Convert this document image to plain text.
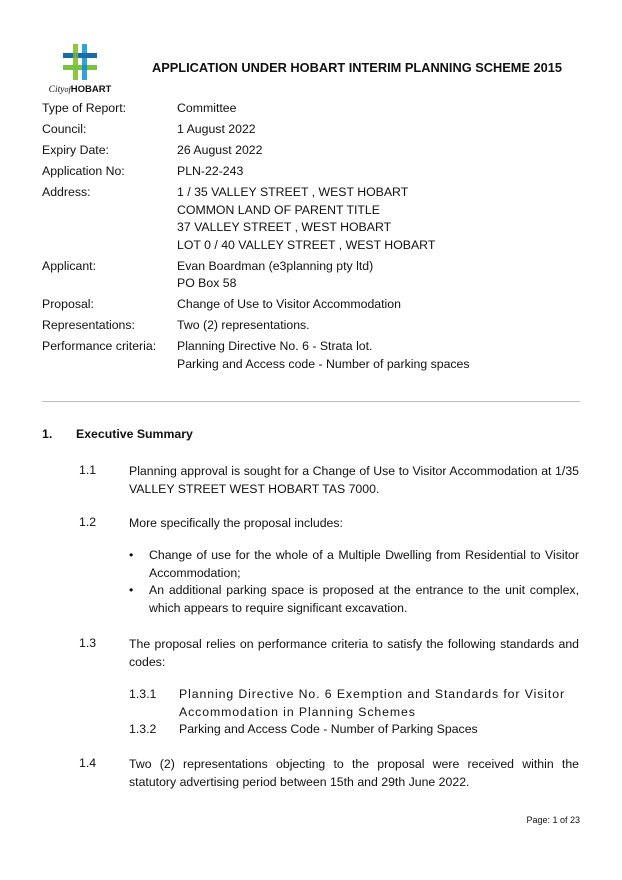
CityofHOBART
APPLICATION UNDER HOBART INTERIM PLANNING SCHEME 2015
Type of Report:	Committee

Council:	1 August 2022

Expiry Date:	26 August 2022

Application No:	PLN-22-243

Address:	1 / 35 VALLEY STREET , WEST HOBART
COMMON LAND OF PARENT TITLE
37 VALLEY STREET , WEST HOBART
LOT 0 / 40 VALLEY STREET , WEST HOBART

Applicant:	Evan Boardman (e3planning pty ltd)
PO Box 58

Proposal:	Change of Use to Visitor Accommodation

Representations:	Two (2) representations.

Performance criteria:	Planning Directive No. 6 - Strata lot.
Parking and Access code - Number of parking spaces
1. Executive Summary
1.1	Planning approval is sought for a Change of Use to Visitor Accommodation at 1/35 VALLEY STREET WEST HOBART TAS 7000.
1.2	More specifically the proposal includes:
• Change of use for the whole of a Multiple Dwelling from Residential to Visitor Accommodation;
• An additional parking space is proposed at the entrance to the unit complex, which appears to require significant excavation.
1.3	The proposal relies on performance criteria to satisfy the following standards and codes:
1.3.1 Planning Directive No. 6 Exemption and Standards for Visitor Accommodation in Planning Schemes
1.3.2 Parking and Access Code - Number of Parking Spaces
1.4	Two (2) representations objecting to the proposal were received within the statutory advertising period between 15th and 29th June 2022.
Page: 1 of 23
